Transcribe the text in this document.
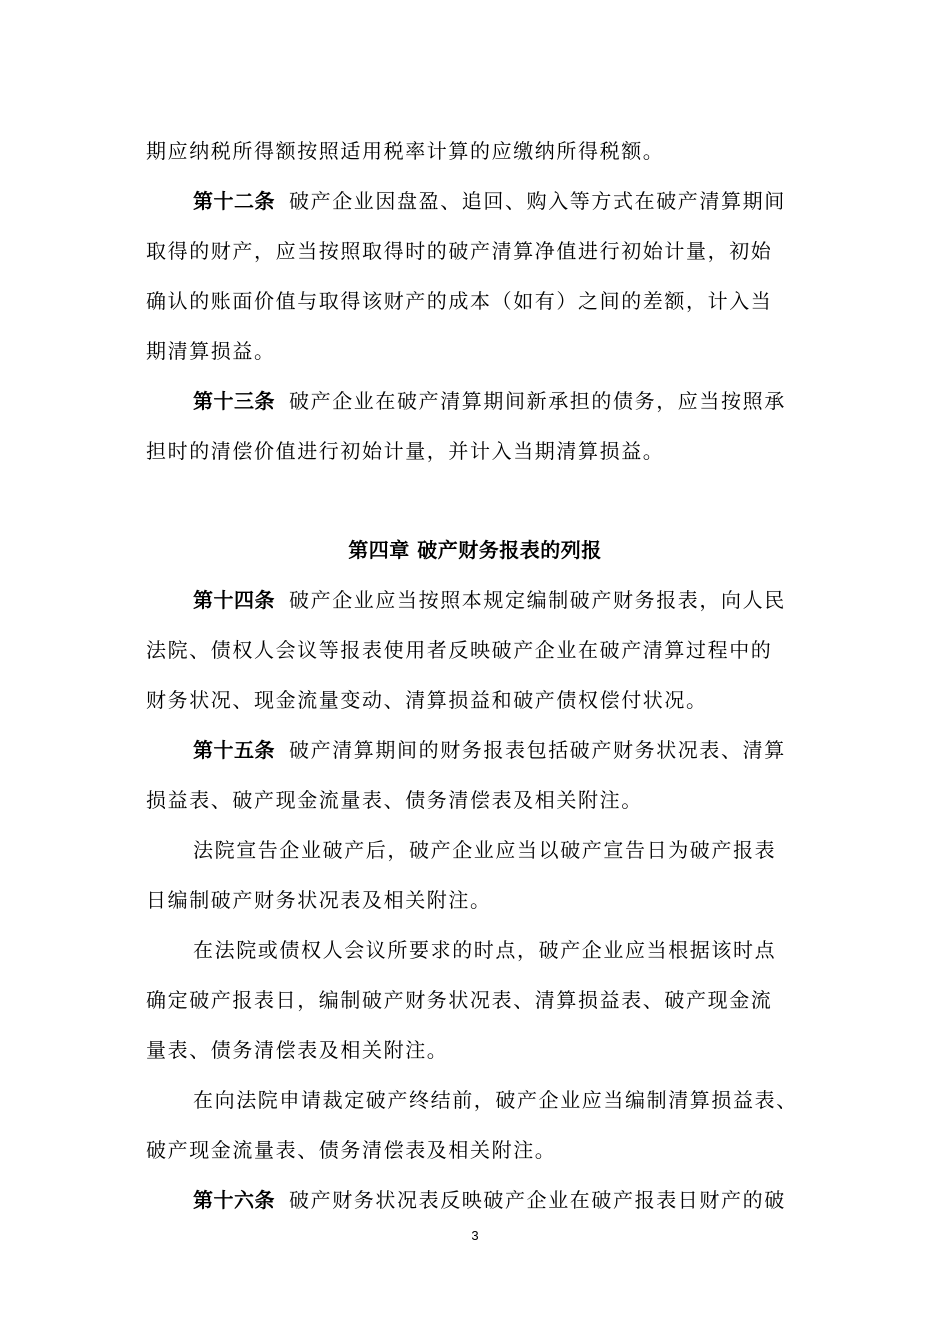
期应纳税所得额按照适用税率计算的应缴纳所得税额。
第十二条 破产企业因盘盈、追回、购入等方式在破产清算期间
取得的财产，应当按照取得时的破产清算净值进行初始计量，初始
确认的账面价值与取得该财产的成本（如有）之间的差额，计入当
期清算损益。
第十三条 破产企业在破产清算期间新承担的债务，应当按照承
担时的清偿价值进行初始计量，并计入当期清算损益。
第四章 破产财务报表的列报
第十四条 破产企业应当按照本规定编制破产财务报表，向人民
法院、债权人会议等报表使用者反映破产企业在破产清算过程中的
财务状况、现金流量变动、清算损益和破产债权偿付状况。
第十五条 破产清算期间的财务报表包括破产财务状况表、清算
损益表、破产现金流量表、债务清偿表及相关附注。
法院宣告企业破产后，破产企业应当以破产宣告日为破产报表
日编制破产财务状况表及相关附注。
在法院或债权人会议所要求的时点，破产企业应当根据该时点
确定破产报表日，编制破产财务状况表、清算损益表、破产现金流
量表、债务清偿表及相关附注。
在向法院申请裁定破产终结前，破产企业应当编制清算损益表、
破产现金流量表、债务清偿表及相关附注。
第十六条 破产财务状况表反映破产企业在破产报表日财产的破
3
